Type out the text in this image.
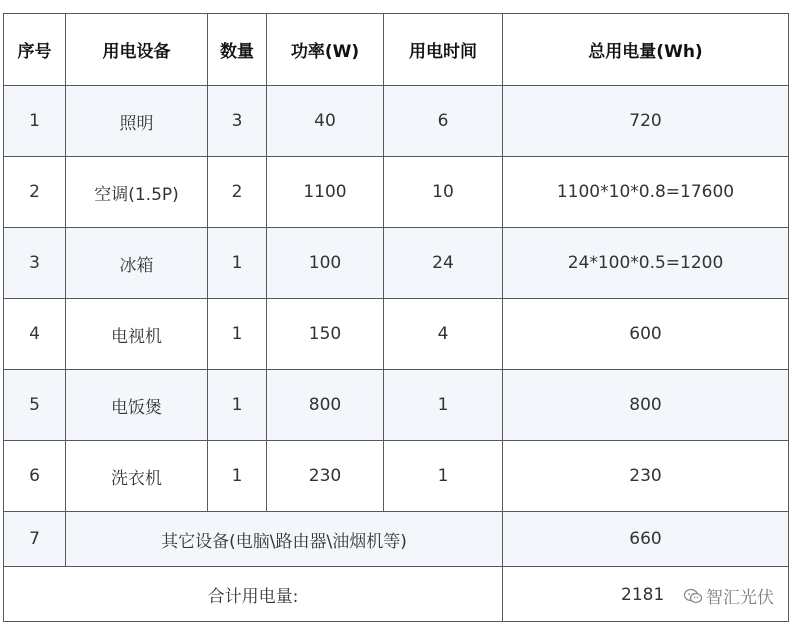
序号	用电设备	数量	功率(W)	用电时间	总用电量(Wh)
1	照明	3	40	6	720
2	空调(1.5P)	2	1100	10	1100*10*0.8=17600
3	冰箱	1	100	24	24*100*0.5=1200
4	电视机	1	150	4	600
5	电饭煲	1	800	1	800
6	洗衣机	1	230	1	230
7	其它设备(电脑\路由器\油烟机等)				660
合计用电量:					2181 智汇光伏
